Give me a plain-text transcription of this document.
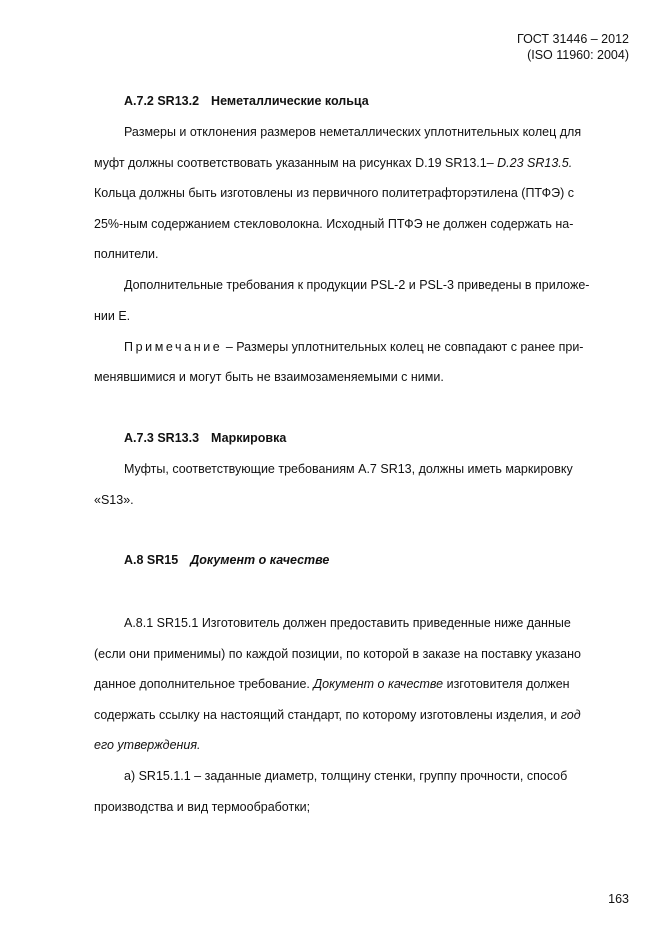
ГОСТ 31446 – 2012
(ISO 11960: 2004)
А.7.2 SR13.2 Неметаллические кольца
Размеры и отклонения размеров неметаллических уплотнительных колец для
муфт должны соответствовать указанным на рисунках D.19 SR13.1– D.23 SR13.5.
Кольца должны быть изготовлены из первичного политетрафторэтилена (ПТФЭ) с
25%-ным содержанием стекловолокна. Исходный ПТФЭ не должен содержать на-
полнители.
Дополнительные требования к продукции PSL-2 и PSL-3 приведены в приложе-
нии E.
Примечание – Размеры уплотнительных колец не совпадают с ранее при-
менявшимися и могут быть не взаимозаменяемыми с ними.
А.7.3 SR13.3 Маркировка
Муфты, соответствующие требованиям А.7 SR13, должны иметь маркировку
«S13».
А.8 SR15 Документ о качестве
А.8.1 SR15.1 Изготовитель должен предоставить приведенные ниже данные
(если они применимы) по каждой позиции, по которой в заказе на поставку указано
данное дополнительное требование. Документ о качестве изготовителя должен
содержать ссылку на настоящий стандарт, по которому изготовлены изделия, и год
его утверждения.
а) SR15.1.1 – заданные диаметр, толщину стенки, группу прочности, способ
производства и вид термообработки;
163
